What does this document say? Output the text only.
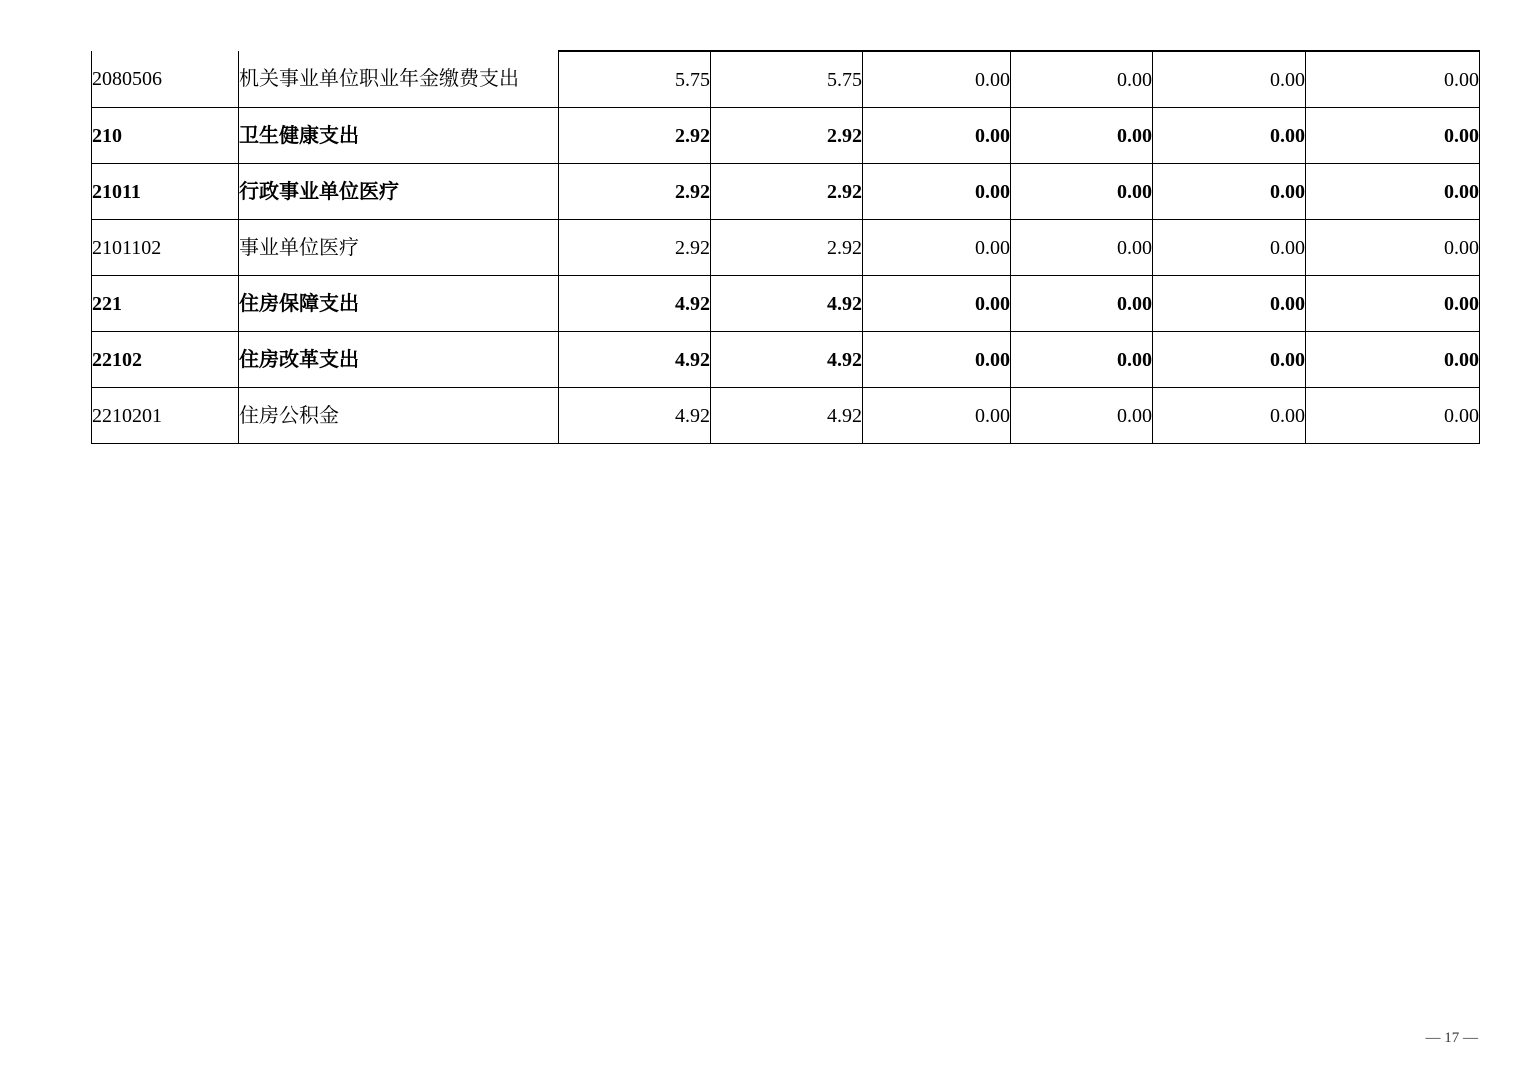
2080506	机关事业单位职业年金缴费支出	5.75	5.75	0.00	0.00	0.00	0.00
210	卫生健康支出	2.92	2.92	0.00	0.00	0.00	0.00
21011	行政事业单位医疗	2.92	2.92	0.00	0.00	0.00	0.00
2101102	事业单位医疗	2.92	2.92	0.00	0.00	0.00	0.00
221	住房保障支出	4.92	4.92	0.00	0.00	0.00	0.00
22102	住房改革支出	4.92	4.92	0.00	0.00	0.00	0.00
2210201	住房公积金	4.92	4.92	0.00	0.00	0.00	0.00
— 17 —
